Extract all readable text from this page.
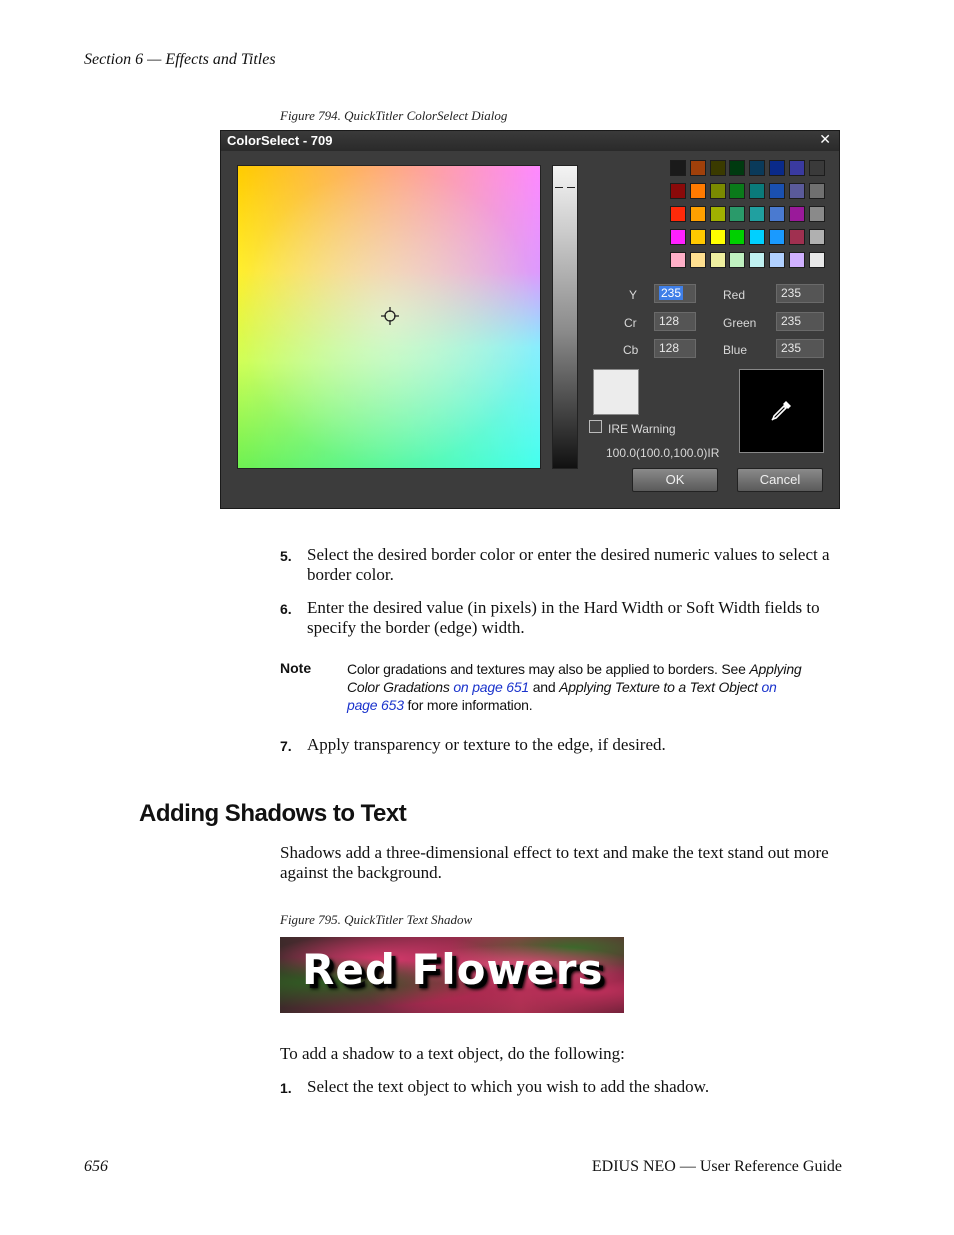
Section 6 — Effects and Titles
Figure 794. QuickTitler ColorSelect Dialog
ColorSelect - 709	✕
Y	235
Cr	128
Cb	128
Red	235
Green	235
Blue	235
IRE Warning
100.0(100.0,100.0)IR
OK	Cancel
5. Select the desired border color or enter the desired numeric values to select a border color.
6. Enter the desired value (in pixels) in the Hard Width or Soft Width fields to specify the border (edge) width.
Note	Color gradations and textures may also be applied to borders. See Applying Color Gradations on page 651 and Applying Texture to a Text Object on
page 653 for more information.
7. Apply transparency or texture to the edge, if desired.
Adding Shadows to Text
Shadows add a three-dimensional effect to text and make the text stand out more against the background.
Figure 795. QuickTitler Text Shadow
Red Flowers
To add a shadow to a text object, do the following:
1. Select the text object to which you wish to add the shadow.
656	EDIUS NEO — User Reference Guide
